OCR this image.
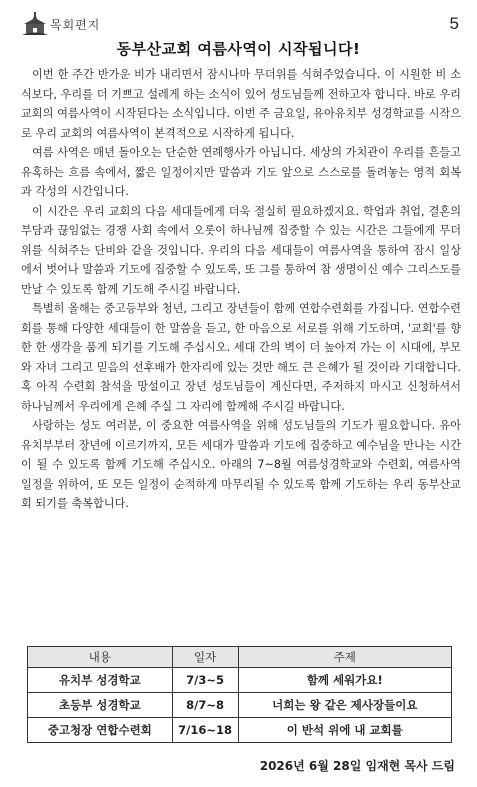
목회편지	5
동부산교회 여름사역이 시작됩니다!

이번 한 주간 반가운 비가 내리면서 잠시나마 무더위를 식혀주었습니다. 이 시원한 비 소식보다, 우리를 더 기쁘고 설레게 하는 소식이 있어 성도님들께 전하고자 합니다. 바로 우리 교회의 여름사역이 시작된다는 소식입니다. 이번 주 금요일, 유아유치부 성경학교를 시작으로 우리 교회의 여름사역이 본격적으로 시작하게 됩니다.

여름 사역은 매년 돌아오는 단순한 연례행사가 아닙니다. 세상의 가치관이 우리를 흔들고 유혹하는 흐름 속에서, 짧은 일정이지만 말씀과 기도 앞으로 스스로를 돌려놓는 영적 회복과 각성의 시간입니다.

이 시간은 우리 교회의 다음 세대들에게 더욱 절실히 필요하겠지요. 학업과 취업, 결혼의 부담과 끊임없는 경쟁 사회 속에서 오롯이 하나님께 집중할 수 있는 시간은 그들에게 무더위를 식혀주는 단비와 같을 것입니다. 우리의 다음 세대들이 여름사역을 통하여 잠시 일상에서 벗어나 말씀과 기도에 집중할 수 있도록, 또 그를 통하여 참 생명이신 예수 그리스도를 만날 수 있도록 함께 기도해 주시길 바랍니다.

특별히 올해는 중고등부와 청년, 그리고 장년들이 함께 연합수련회를 가집니다. 연합수련회를 통해 다양한 세대들이 한 말씀을 듣고, 한 마음으로 서로를 위해 기도하며, '교회'를 향한 한 생각을 품게 되기를 기도해 주십시오. 세대 간의 벽이 더 높아져 가는 이 시대에, 부모와 자녀 그리고 믿음의 선후배가 한자리에 있는 것만 해도 큰 은혜가 될 것이라 기대합니다. 혹 아직 수련회 참석을 망설이고 장년 성도님들이 계신다면, 주저하지 마시고 신청하셔서 하나님께서 우리에게 은혜 주실 그 자리에 함께해 주시길 바랍니다.

사랑하는 성도 여러분, 이 중요한 여름사역을 위해 성도님들의 기도가 필요합니다. 유아유치부부터 장년에 이르기까지, 모든 세대가 말씀과 기도에 집중하고 예수님을 만나는 시간이 될 수 있도록 함께 기도해 주십시오. 아래의 7~8월 여름성경학교와 수련회, 여름사역 일정을 위하여, 또 모든 일정이 순적하게 마무리될 수 있도록 함께 기도하는 우리 동부산교회 되기를 축복합니다.

내용	일자	주제
유치부 성경학교	7/3~5	함께 세워가요!
초등부 성경학교	8/7~8	너희는 왕 같은 제사장들이요
중고청장 연합수련회	7/16~18	이 반석 위에 내 교회를
2026년 6월 28일 임재현 목사 드림
